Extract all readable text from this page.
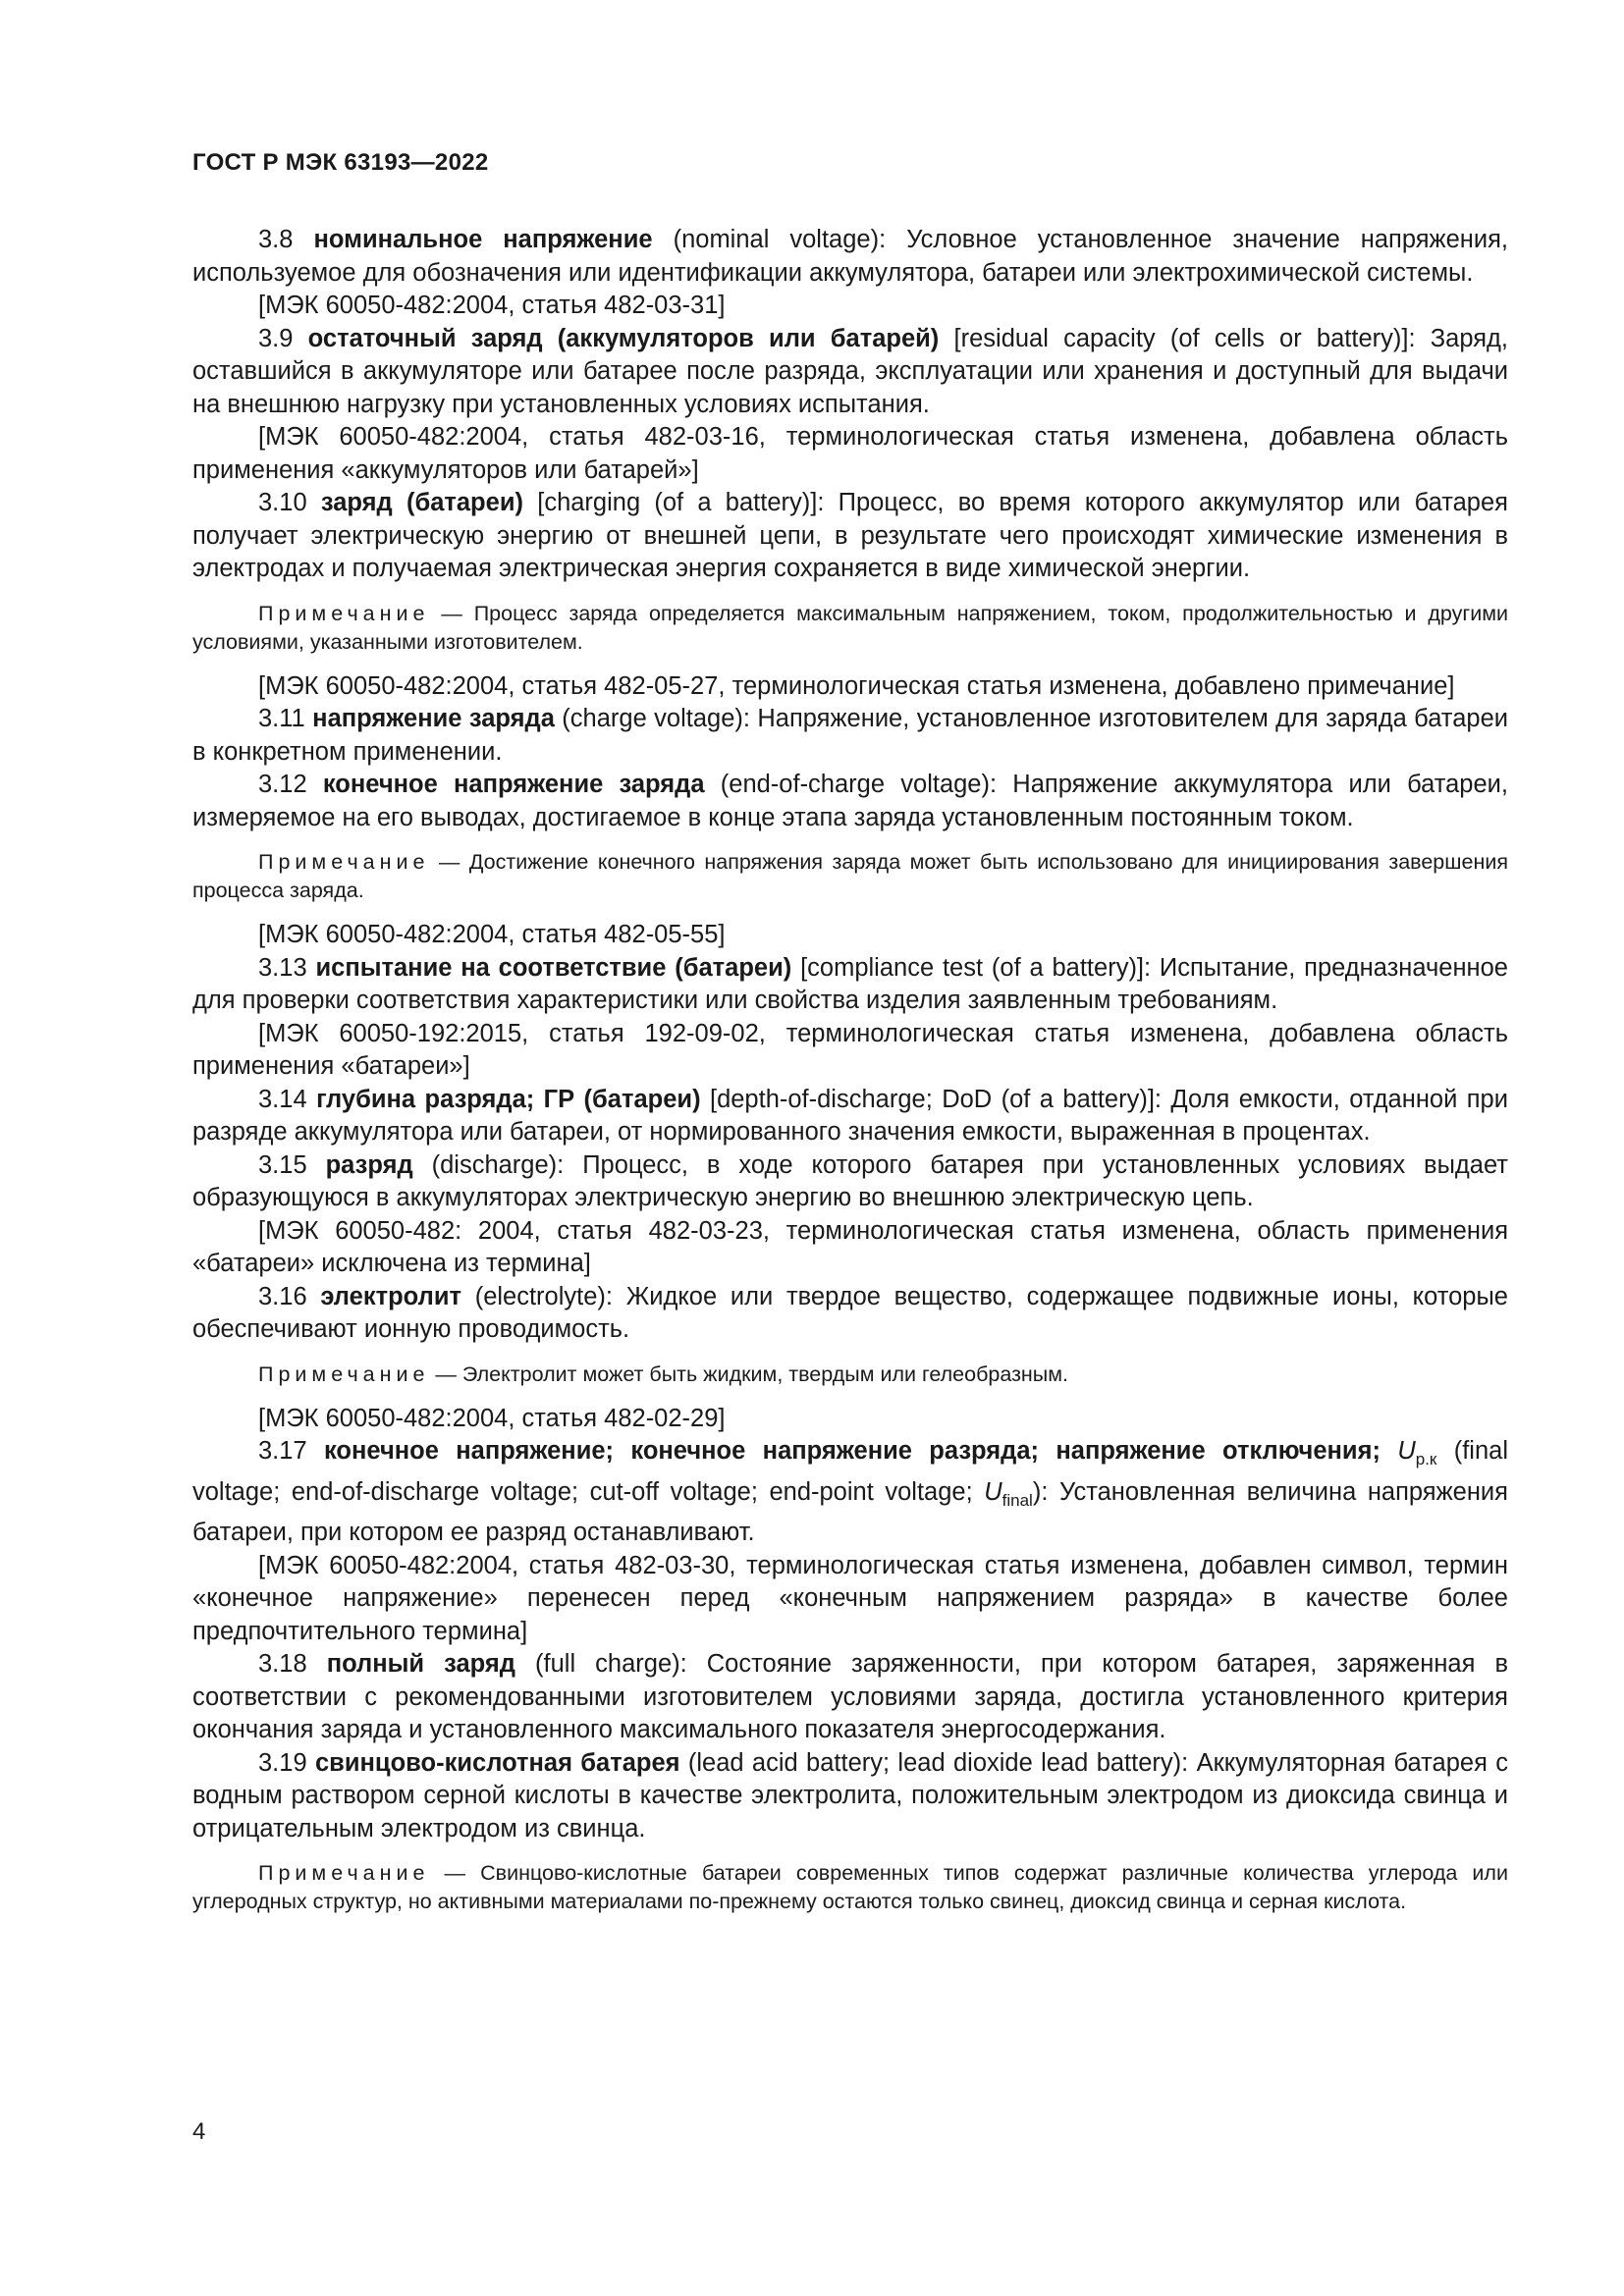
ГОСТ Р МЭК 63193—2022

3.8 номинальное напряжение (nominal voltage): Условное установленное значение напряжения, используемое для обозначения или идентификации аккумулятора, батареи или электрохимической системы.

[МЭК 60050-482:2004, статья 482-03-31]

3.9 остаточный заряд (аккумуляторов или батарей) [residual capacity (of cells or battery)]: Заряд, оставшийся в аккумуляторе или батарее после разряда, эксплуатации или хранения и доступный для выдачи на внешнюю нагрузку при установленных условиях испытания.

[МЭК 60050-482:2004, статья 482-03-16, терминологическая статья изменена, добавлена область применения «аккумуляторов или батарей»]

3.10 заряд (батареи) [charging (of a battery)]: Процесс, во время которого аккумулятор или батарея получает электрическую энергию от внешней цепи, в результате чего происходят химические изменения в электродах и получаемая электрическая энергия сохраняется в виде химической энергии.

Примечание — Процесс заряда определяется максимальным напряжением, током, продолжительностью и другими условиями, указанными изготовителем.

[МЭК 60050-482:2004, статья 482-05-27, терминологическая статья изменена, добавлено примечание]

3.11 напряжение заряда (charge voltage): Напряжение, установленное изготовителем для заряда батареи в конкретном применении.

3.12 конечное напряжение заряда (end-of-charge voltage): Напряжение аккумулятора или батареи, измеряемое на его выводах, достигаемое в конце этапа заряда установленным постоянным током.

Примечание — Достижение конечного напряжения заряда может быть использовано для инициирования завершения процесса заряда.

[МЭК 60050-482:2004, статья 482-05-55]

3.13 испытание на соответствие (батареи) [compliance test (of a battery)]: Испытание, предназначенное для проверки соответствия характеристики или свойства изделия заявленным требованиям.

[МЭК 60050-192:2015, статья 192-09-02, терминологическая статья изменена, добавлена область применения «батареи»]

3.14 глубина разряда; ГР (батареи) [depth-of-discharge; DoD (of a battery)]: Доля емкости, отданной при разряде аккумулятора или батареи, от нормированного значения емкости, выраженная в процентах.

3.15 разряд (discharge): Процесс, в ходе которого батарея при установленных условиях выдает образующуюся в аккумуляторах электрическую энергию во внешнюю электрическую цепь.

[МЭК 60050-482: 2004, статья 482-03-23, терминологическая статья изменена, область применения «батареи» исключена из термина]

3.16 электролит (electrolyte): Жидкое или твердое вещество, содержащее подвижные ионы, которые обеспечивают ионную проводимость.

Примечание — Электролит может быть жидким, твердым или гелеобразным.

[МЭК 60050-482:2004, статья 482-02-29]

3.17 конечное напряжение; конечное напряжение разряда; напряжение отключения; $U_{р.к}$ (final voltage; end-of-discharge voltage; cut-off voltage; end-point voltage; $U_{final}$): Установленная величина напряжения батареи, при котором ее разряд останавливают.

[МЭК 60050-482:2004, статья 482-03-30, терминологическая статья изменена, добавлен символ, термин «конечное напряжение» перенесен перед «конечным напряжением разряда» в качестве более предпочтительного термина]

3.18 полный заряд (full charge): Состояние заряженности, при котором батарея, заряженная в соответствии с рекомендованными изготовителем условиями заряда, достигла установленного критерия окончания заряда и установленного максимального показателя энергосодержания.

3.19 свинцово-кислотная батарея (lead acid battery; lead dioxide lead battery): Аккумуляторная батарея с водным раствором серной кислоты в качестве электролита, положительным электродом из диоксида свинца и отрицательным электродом из свинца.

Примечание — Свинцово-кислотные батареи современных типов содержат различные количества углерода или углеродных структур, но активными материалами по-прежнему остаются только свинец, диоксид свинца и серная кислота.

4
